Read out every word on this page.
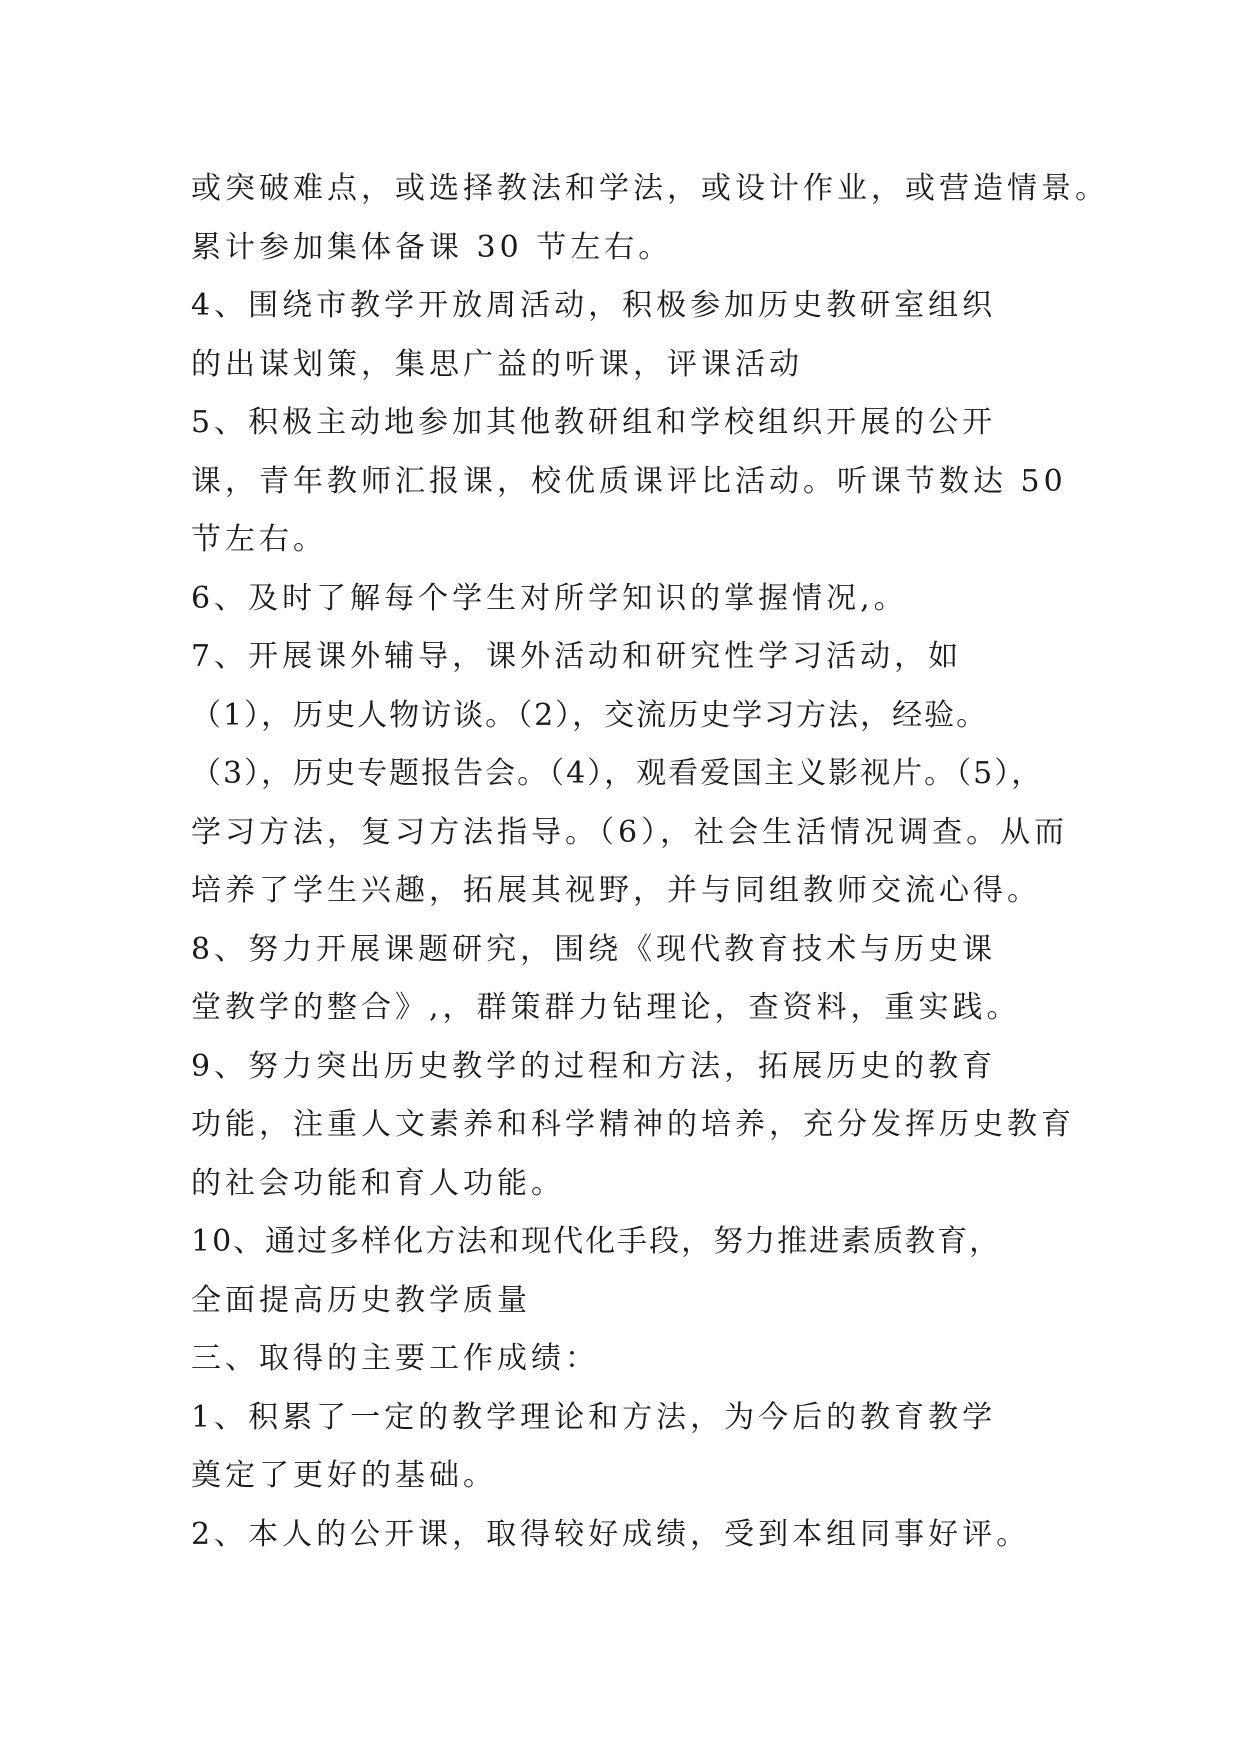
或突破难点，或选择教法和学法，或设计作业，或营造情景。

累计参加集体备课 30 节左右。

4、围绕市教学开放周活动，积极参加历史教研室组织

的出谋划策，集思广益的听课，评课活动

5、积极主动地参加其他教研组和学校组织开展的公开

课，青年教师汇报课，校优质课评比活动。听课节数达 50

节左右。

6、及时了解每个学生对所学知识的掌握情况,。

7、开展课外辅导，课外活动和研究性学习活动，如

（1），历史人物访谈。（2），交流历史学习方法，经验。

（3），历史专题报告会。（4），观看爱国主义影视片。（5），

学习方法，复习方法指导。（6），社会生活情况调查。从而

培养了学生兴趣，拓展其视野，并与同组教师交流心得。

8、努力开展课题研究，围绕《现代教育技术与历史课

堂教学的整合》,，群策群力钻理论，查资料，重实践。

9、努力突出历史教学的过程和方法，拓展历史的教育

功能，注重人文素养和科学精神的培养，充分发挥历史教育

的社会功能和育人功能。

10、通过多样化方法和现代化手段，努力推进素质教育，

全面提高历史教学质量

三、取得的主要工作成绩：

1、积累了一定的教学理论和方法，为今后的教育教学

奠定了更好的基础。

2、本人的公开课，取得较好成绩，受到本组同事好评。
